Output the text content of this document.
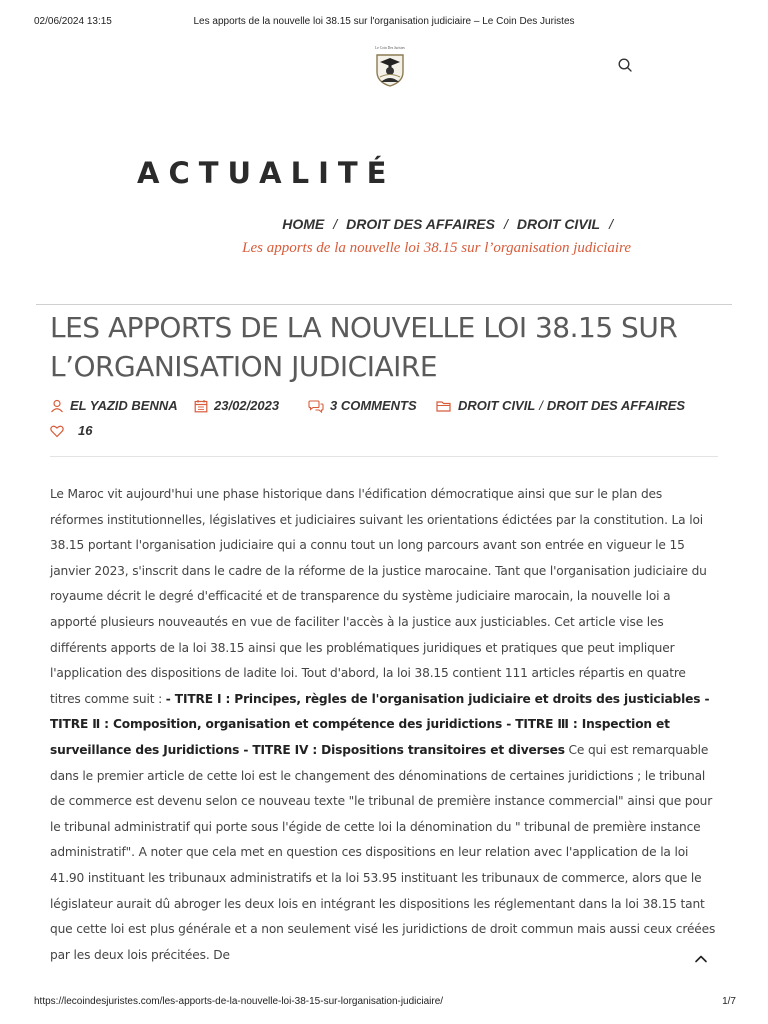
02/06/2024 13:15	Les apports de la nouvelle loi 38.15 sur l'organisation judiciaire – Le Coin Des Juristes
Le Coin Des Juristes
ACTUALITÉ
HOME / DROIT DES AFFAIRES / DROIT CIVIL /
Les apports de la nouvelle loi 38.15 sur l’organisation judiciaire
LES APPORTS DE LA NOUVELLE LOI 38.15 SUR L’ORGANISATION JUDICIAIRE
EL YAZID BENNA	23/02/2023	3 COMMENTS	DROIT CIVIL / DROIT DES AFFAIRES
16

Le Maroc vit aujourd'hui une phase historique dans l'édification démocratique ainsi que sur le plan des réformes institutionnelles, législatives et judiciaires suivant les orientations édictées par la constitution. La loi 38.15 portant l'organisation judiciaire qui a connu tout un long parcours avant son entrée en vigueur le 15 janvier 2023, s'inscrit dans le cadre de la réforme de la justice marocaine. Tant que l'organisation judiciaire du royaume décrit le degré d'efficacité et de transparence du système judiciaire marocain, la nouvelle loi a apporté plusieurs nouveautés en vue de faciliter l'accès à la justice aux justiciables. Cet article vise les différents apports de la loi 38.15 ainsi que les problématiques juridiques et pratiques que peut impliquer l'application des dispositions de ladite loi. Tout d'abord, la loi 38.15 contient 111 articles répartis en quatre titres comme suit : - TITRE Ⅰ : Principes, règles de l'organisation judiciaire et droits des justiciables - TITRE Ⅱ : Composition, organisation et compétence des juridictions - TITRE Ⅲ : Inspection et surveillance des Juridictions - TITRE IV : Dispositions transitoires et diverses Ce qui est remarquable dans le premier article de cette loi est le changement des dénominations de certaines juridictions ; le tribunal de commerce est devenu selon ce nouveau texte "le tribunal de première instance commercial" ainsi que pour le tribunal administratif qui porte sous l'égide de cette loi la dénomination du " tribunal de première instance administratif". A noter que cela met en question ces dispositions en leur relation avec l'application de la loi 41.90 instituant les tribunaux administratifs et la loi 53.95 instituant les tribunaux de commerce, alors que le législateur aurait dû abroger les deux lois en intégrant les dispositions les réglementant dans la loi 38.15 tant que cette loi est plus générale et a non seulement visé les juridictions de droit commun mais aussi ceux créées par les deux lois précitées. De

https://lecoindesjuristes.com/les-apports-de-la-nouvelle-loi-38-15-sur-lorganisation-judiciaire/	1/7
